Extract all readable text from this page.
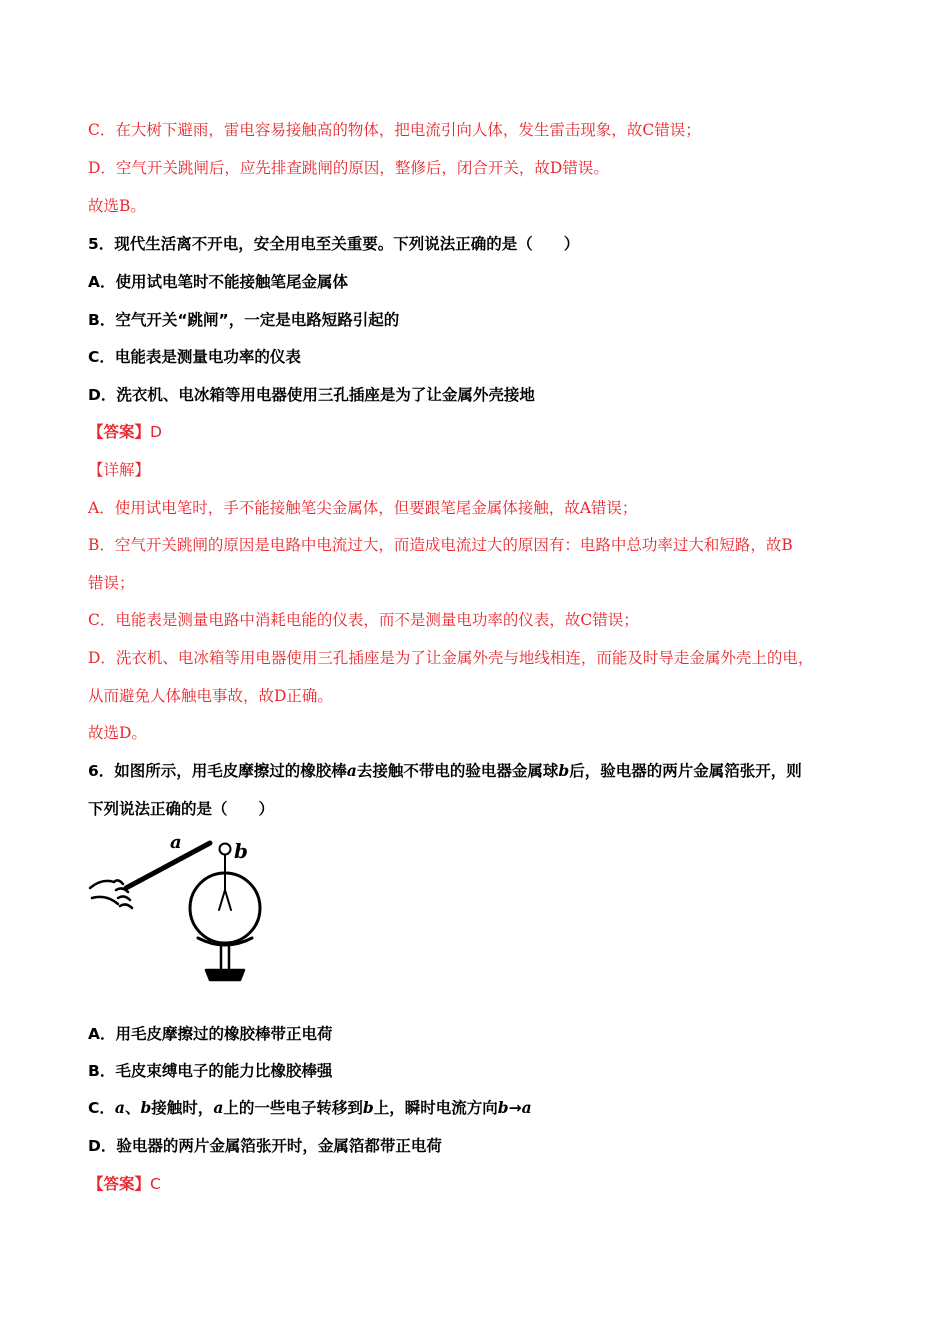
C．在大树下避雨，雷电容易接触高的物体，把电流引向人体，发生雷击现象，故C错误；
D．空气开关跳闸后，应先排查跳闸的原因，整修后，闭合开关，故D错误。
故选B。
5．现代生活离不开电，安全用电至关重要。下列说法正确的是（　　）
A．使用试电笔时不能接触笔尾金属体
B．空气开关“跳闸”，一定是电路短路引起的
C．电能表是测量电功率的仪表
D．洗衣机、电冰箱等用电器使用三孔插座是为了让金属外壳接地
【答案】D
【详解】
A．使用试电笔时，手不能接触笔尖金属体，但要跟笔尾金属体接触，故A错误；
B．空气开关跳闸的原因是电路中电流过大，而造成电流过大的原因有：电路中总功率过大和短路，故B
错误；
C．电能表是测量电路中消耗电能的仪表，而不是测量电功率的仪表，故C错误；
D．洗衣机、电冰箱等用电器使用三孔插座是为了让金属外壳与地线相连，而能及时导走金属外壳上的电，
从而避免人体触电事故，故D正确。
故选D。
6．如图所示，用毛皮摩擦过的橡胶棒a去接触不带电的验电器金属球b后，验电器的两片金属箔张开，则
下列说法正确的是（　　）
a	b
A．用毛皮摩擦过的橡胶棒带正电荷
B．毛皮束缚电子的能力比橡胶棒强
C．a、b接触时，a上的一些电子转移到b上，瞬时电流方向b→a
D．验电器的两片金属箔张开时，金属箔都带正电荷
【答案】C
